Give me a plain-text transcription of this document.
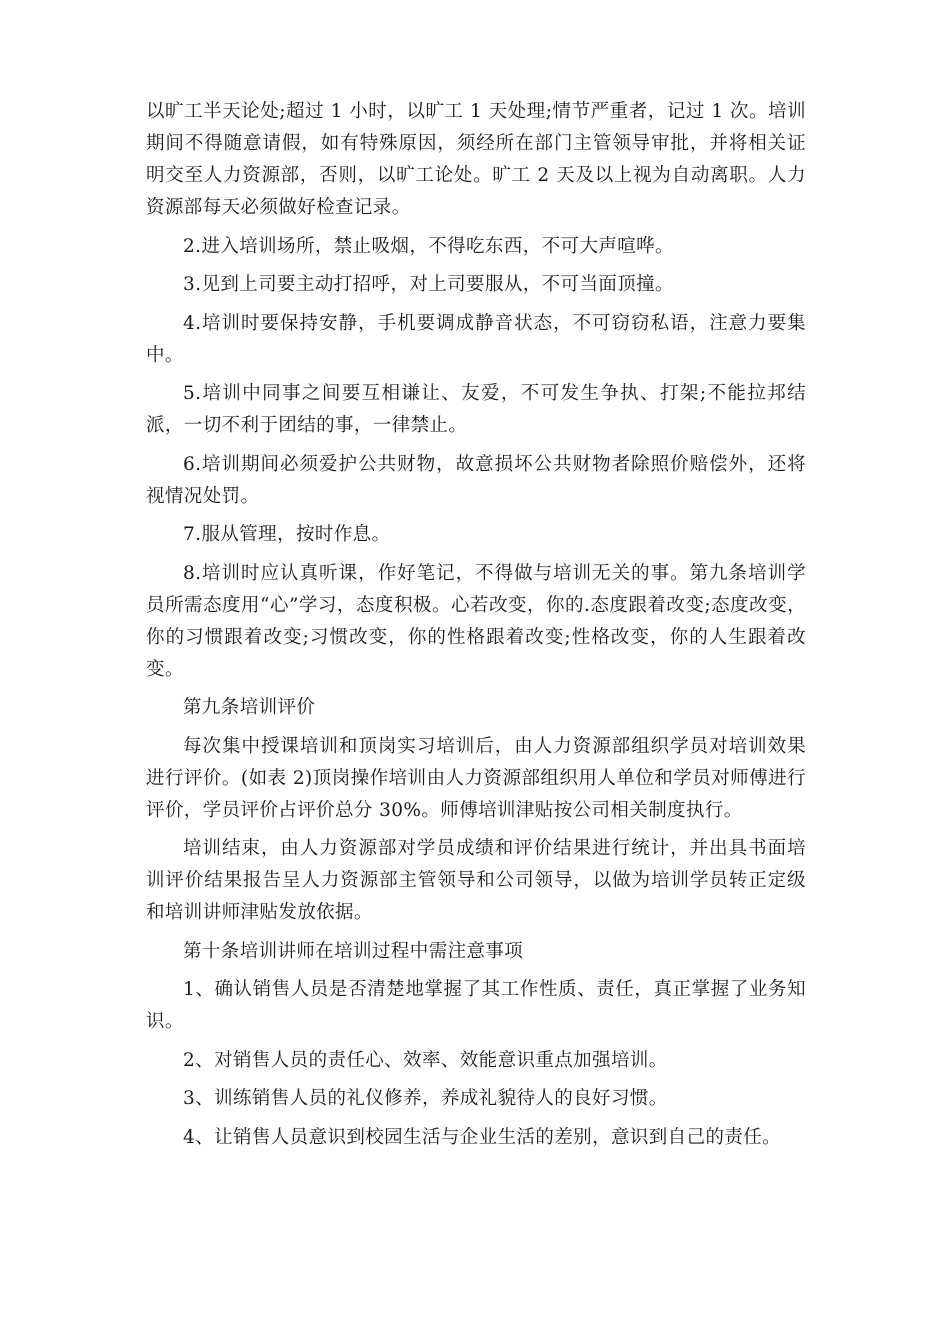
以旷工半天论处;超过 1 小时，以旷工 1 天处理;情节严重者，记过 1 次。培训期间不得随意请假，如有特殊原因，须经所在部门主管领导审批，并将相关证明交至人力资源部，否则，以旷工论处。旷工 2 天及以上视为自动离职。人力资源部每天必须做好检查记录。

2.进入培训场所，禁止吸烟，不得吃东西，不可大声喧哗。

3.见到上司要主动打招呼，对上司要服从，不可当面顶撞。

4.培训时要保持安静，手机要调成静音状态，不可窃窃私语，注意力要集中。

5.培训中同事之间要互相谦让、友爱，不可发生争执、打架;不能拉邦结派，一切不利于团结的事，一律禁止。

6.培训期间必须爱护公共财物，故意损坏公共财物者除照价赔偿外，还将视情况处罚。

7.服从管理，按时作息。

8.培训时应认真听课，作好笔记，不得做与培训无关的事。第九条培训学员所需态度用“心”学习，态度积极。心若改变，你的.态度跟着改变;态度改变，你的习惯跟着改变;习惯改变，你的性格跟着改变;性格改变，你的人生跟着改变。

第九条培训评价

每次集中授课培训和顶岗实习培训后，由人力资源部组织学员对培训效果进行评价。(如表 2)顶岗操作培训由人力资源部组织用人单位和学员对师傅进行评价，学员评价占评价总分 30%。师傅培训津贴按公司相关制度执行。

培训结束，由人力资源部对学员成绩和评价结果进行统计，并出具书面培训评价结果报告呈人力资源部主管领导和公司领导，以做为培训学员转正定级和培训讲师津贴发放依据。

第十条培训讲师在培训过程中需注意事项

1、确认销售人员是否清楚地掌握了其工作性质、责任，真正掌握了业务知识。

2、对销售人员的责任心、效率、效能意识重点加强培训。

3、训练销售人员的礼仪修养，养成礼貌待人的良好习惯。

4、让销售人员意识到校园生活与企业生活的差别，意识到自己的责任。
